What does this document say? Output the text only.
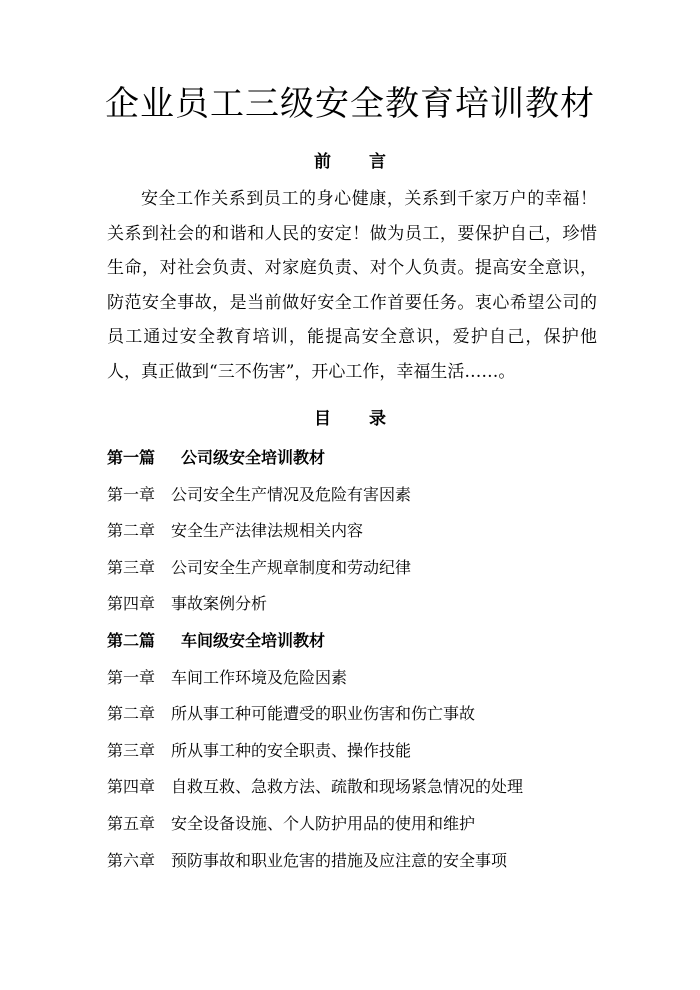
企业员工三级安全教育培训教材
前 言

安全工作关系到员工的身心健康，关系到千家万户的幸福！关系到社会的和谐和人民的安定！做为员工，要保护自己，珍惜生命，对社会负责、对家庭负责、对个人负责。提高安全意识，防范安全事故，是当前做好安全工作首要任务。衷心希望公司的员工通过安全教育培训，能提高安全意识，爱护自己，保护他人，真正做到“三不伤害”，开心工作，幸福生活……。

目 录
第一篇 公司级安全培训教材
第一章 公司安全生产情况及危险有害因素
第二章 安全生产法律法规相关内容
第三章 公司安全生产规章制度和劳动纪律
第四章 事故案例分析
第二篇 车间级安全培训教材
第一章 车间工作环境及危险因素
第二章 所从事工种可能遭受的职业伤害和伤亡事故
第三章 所从事工种的安全职责、操作技能
第四章 自救互救、急救方法、疏散和现场紧急情况的处理
第五章 安全设备设施、个人防护用品的使用和维护
第六章 预防事故和职业危害的措施及应注意的安全事项
